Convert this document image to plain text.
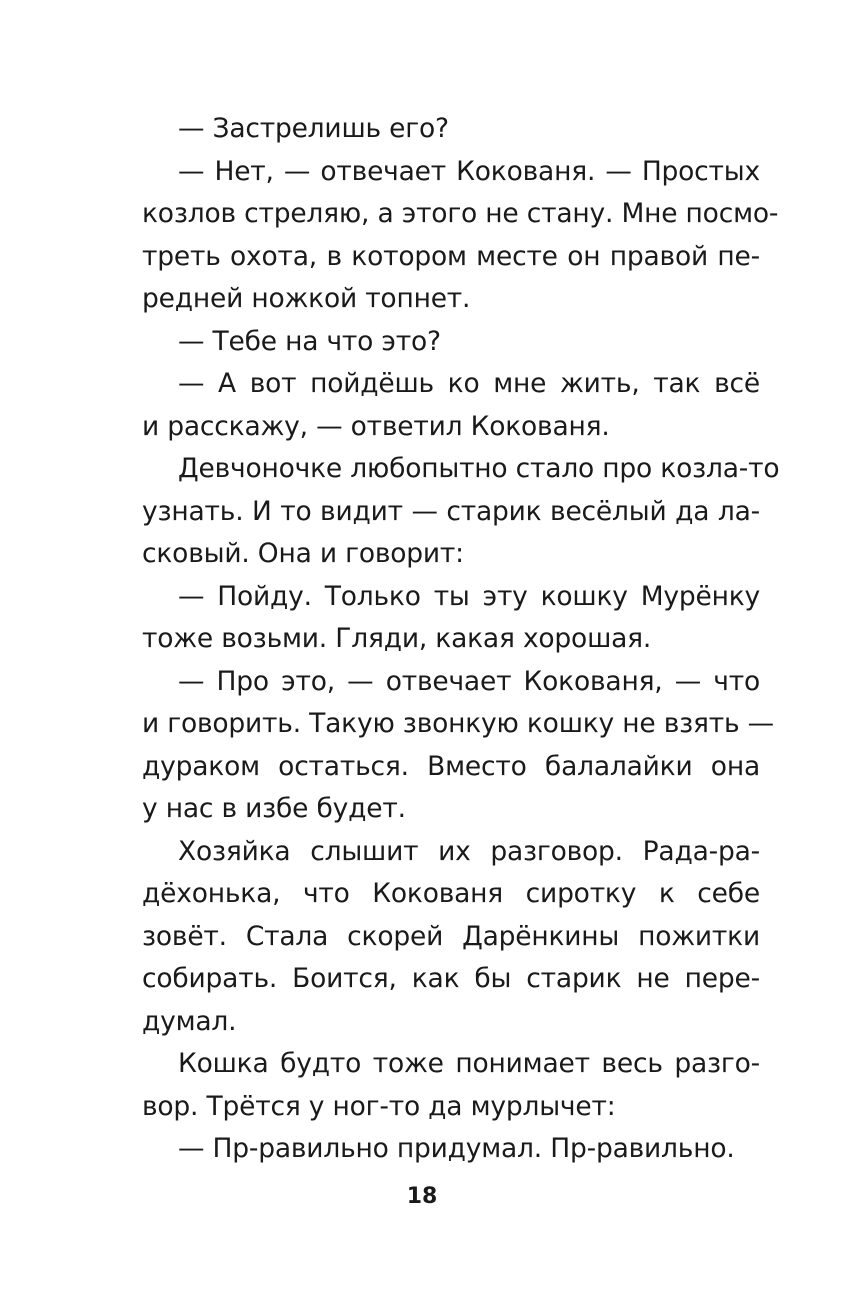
— Застрелишь его?
— Нет, — отвечает Кокованя. — Простых
козлов стреляю, а этого не стану. Мне посмо-
треть охота, в котором месте он правой пе-
редней ножкой топнет.
— Тебе на что это?
— А вот пойдёшь ко мне жить, так всё
и расскажу, — ответил Кокованя.
Девчоночке любопытно стало про козла-то
узнать. И то видит — старик весёлый да ла-
сковый. Она и говорит:
— Пойду. Только ты эту кошку Мурёнку
тоже возьми. Гляди, какая хорошая.
— Про это, — отвечает Кокованя, — что
и говорить. Такую звонкую кошку не взять —
дураком остаться. Вместо балалайки она
у нас в избе будет.
Хозяйка слышит их разговор. Рада-ра-
дёхонька, что Кокованя сиротку к себе
зовёт. Стала скорей Дарёнкины пожитки
собирать. Боится, как бы старик не пере-
думал.
Кошка будто тоже понимает весь разго-
вор. Трётся у ног-то да мурлычет:
— Пр-равильно придумал. Пр-равильно.
18
